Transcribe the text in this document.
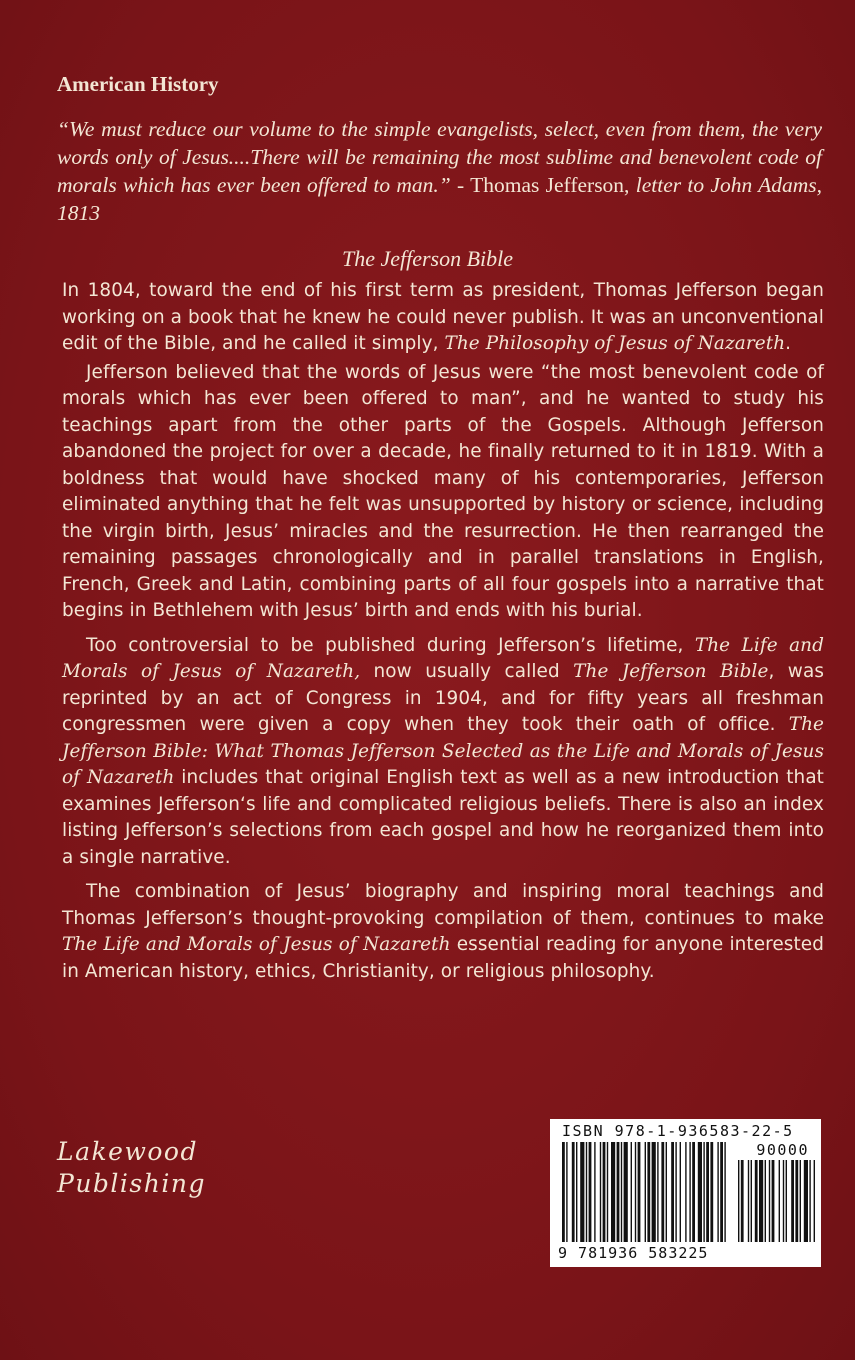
American History
“We must reduce our volume to the simple evangelists, select, even from them, the very words only of Jesus....There will be remaining the most sublime and benevolent code of morals which has ever been offered to man.” - Thomas Jefferson, letter to John Adams, 1813
The Jefferson Bible

In 1804, toward the end of his first term as president, Thomas Jefferson began working on a book that he knew he could never publish. It was an unconventional edit of the Bible, and he called it simply, The Philosophy of Jesus of Nazareth.

Jefferson believed that the words of Jesus were “the most benevolent code of morals which has ever been offered to man”, and he wanted to study his teachings apart from the other parts of the Gospels. Although Jefferson abandoned the project for over a decade, he finally returned to it in 1819. With a boldness that would have shocked many of his contemporaries, Jefferson eliminated anything that he felt was unsupported by history or science, including the virgin birth, Jesus’ miracles and the resurrection. He then rearranged the remaining passages chronologically and in parallel translations in English, French, Greek and Latin, combining parts of all four gospels into a narrative that begins in Bethlehem with Jesus’ birth and ends with his burial.

Too controversial to be published during Jefferson’s lifetime, The Life and Morals of Jesus of Nazareth, now usually called The Jefferson Bible, was reprinted by an act of Congress in 1904, and for fifty years all freshman congressmen were given a copy when they took their oath of office. The Jefferson Bible: What Thomas Jefferson Selected as the Life and Morals of Jesus of Nazareth includes that original English text as well as a new introduction that examines Jefferson‘s life and complicated religious beliefs. There is also an index listing Jefferson’s selections from each gospel and how he reorganized them into a single narrative.

The combination of Jesus’ biography and inspiring moral teachings and Thomas Jefferson’s thought-provoking compilation of them, continues to make The Life and Morals of Jesus of Nazareth essential reading for anyone interested in American history, ethics, Christianity, or religious philosophy.

Lakewood
Publishing
ISBN 978-1-936583-22-5
90000
9 781936 583225
